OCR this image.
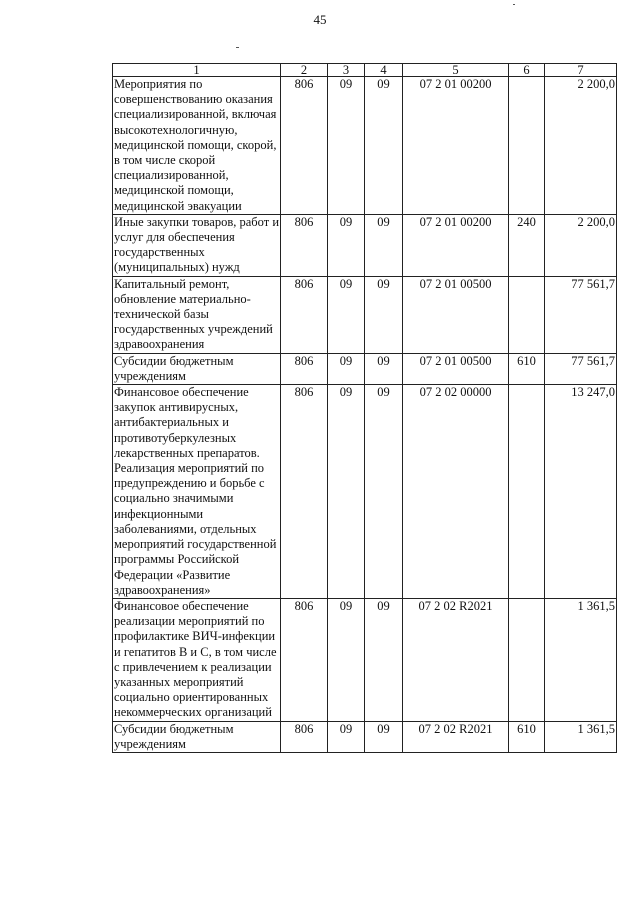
45
1	2	3	4	5	6	7
Мероприятия по совершенствованию оказания специализированной, включая высокотехнологичную, медицинской помощи, скорой, в том числе скорой специализированной, медицинской помощи, медицинской эвакуации	806	09	09	07 2 01 00200		2 200,0
Иные закупки товаров, работ и услуг для обеспечения государственных (муниципальных) нужд	806	09	09	07 2 01 00200	240	2 200,0
Капитальный ремонт, обновление материально-технической базы государственных учреждений здравоохранения	806	09	09	07 2 01 00500		77 561,7
Субсидии бюджетным учреждениям	806	09	09	07 2 01 00500	610	77 561,7
Финансовое обеспечение закупок антивирусных, антибактериальных и противотуберкулезных лекарственных препаратов. Реализация мероприятий по предупреждению и борьбе с социально значимыми инфекционными заболеваниями, отдельных мероприятий государственной программы Российской Федерации «Развитие здравоохранения»	806	09	09	07 2 02 00000		13 247,0
Финансовое обеспечение реализации мероприятий по профилактике ВИЧ-инфекции и гепатитов B и C, в том числе с привлечением к реализации указанных мероприятий социально ориентированных некоммерческих организаций	806	09	09	07 2 02 R2021		1 361,5
Субсидии бюджетным учреждениям	806	09	09	07 2 02 R2021	610	1 361,5
